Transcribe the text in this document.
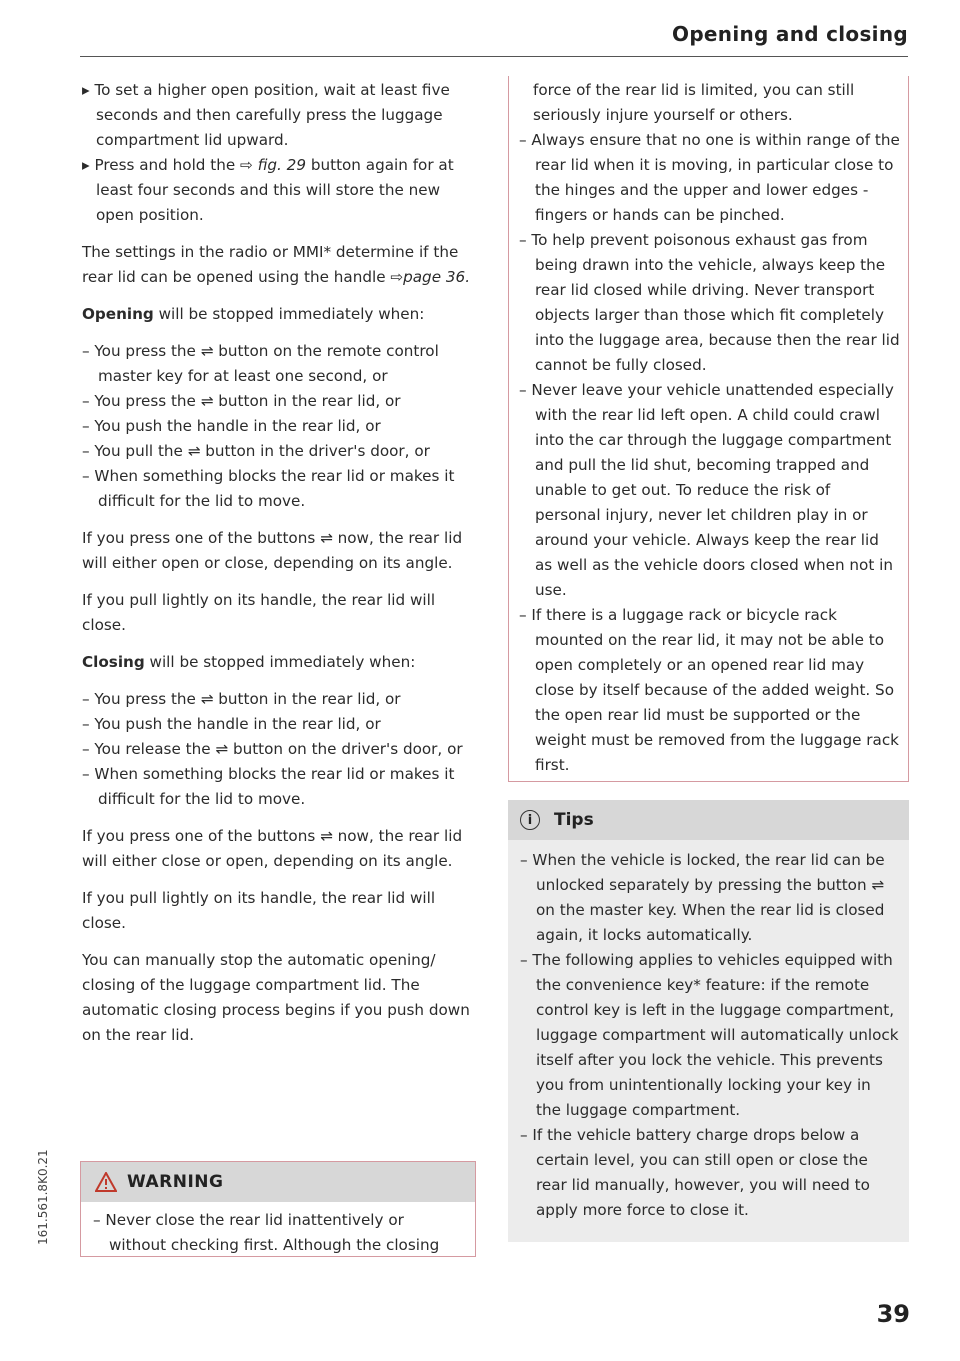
Opening and closing
▸ To set a higher open position, wait at least five seconds and then carefully press the luggage compartment lid upward.
▸ Press and hold the ⇨ fig. 29 button again for at least four seconds and this will store the new open position.

The settings in the radio or MMI* determine if the rear lid can be opened using the handle ⇨page 36.

Opening will be stopped immediately when:

– You press the ⇌ button on the remote control master key for at least one second, or
– You press the ⇌ button in the rear lid, or
– You push the handle in the rear lid, or
– You pull the ⇌ button in the driver's door, or
– When something blocks the rear lid or makes it difficult for the lid to move.

If you press one of the buttons ⇌ now, the rear lid will either open or close, depending on its angle.

If you pull lightly on its handle, the rear lid will close.

Closing will be stopped immediately when:

– You press the ⇌ button in the rear lid, or
– You push the handle in the rear lid, or
– You release the ⇌ button on the driver's door, or
– When something blocks the rear lid or makes it difficult for the lid to move.

If you press one of the buttons ⇌ now, the rear lid will either close or open, depending on its angle.

If you pull lightly on its handle, the rear lid will close.

You can manually stop the automatic opening/ closing of the luggage compartment lid. The automatic closing process begins if you push down on the rear lid.

WARNING
– Never close the rear lid inattentively or without checking first. Although the closing

force of the rear lid is limited, you can still seriously injure yourself or others.

– Always ensure that no one is within range of the rear lid when it is moving, in particular close to the hinges and the upper and lower edges - fingers or hands can be pinched.
– To help prevent poisonous exhaust gas from being drawn into the vehicle, always keep the rear lid closed while driving. Never transport objects larger than those which fit completely into the luggage area, because then the rear lid cannot be fully closed.
– Never leave your vehicle unattended especially with the rear lid left open. A child could crawl into the car through the luggage compartment and pull the lid shut, becoming trapped and unable to get out. To reduce the risk of personal injury, never let children play in or around your vehicle. Always keep the rear lid as well as the vehicle doors closed when not in use.
– If there is a luggage rack or bicycle rack mounted on the rear lid, it may not be able to open completely or an opened rear lid may close by itself because of the added weight. So the open rear lid must be supported or the weight must be removed from the luggage rack first.
i	Tips
– When the vehicle is locked, the rear lid can be unlocked separately by pressing the button ⇌ on the master key. When the rear lid is closed again, it locks automatically.
– The following applies to vehicles equipped with the convenience key* feature: if the remote control key is left in the luggage compartment, luggage compartment will automatically unlock itself after you lock the vehicle. This prevents you from unintentionally locking your key in the luggage compartment.
– If the vehicle battery charge drops below a certain level, you can still open or close the rear lid manually, however, you will need to apply more force to close it.
39
161.561.8K0.21
